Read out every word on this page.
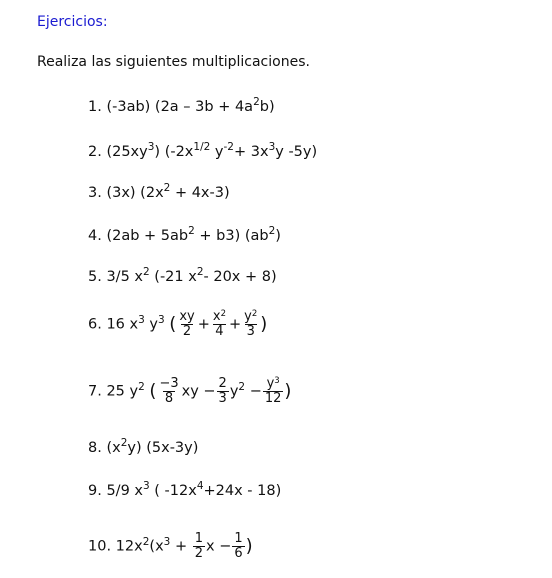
Ejercicios:
Realiza las siguientes multiplicaciones.
1. (-3ab) $(2a - 3b + 4a^2b)$
2. $(25xy^3)$ ($-2x^{1/2}$ $y^{-2}+ 3x^3y$ -5y)
3. (3x) $(2x^2 + 4x-3)$
4. $(2ab + 5ab^2 + b3)$ $(ab^2)$
5. 3/5 $x^2$ (-21 $x^2-$ 20x + 8)
6. 16 $x^3$ $y^3$ ( $\frac{xy}{2} + \frac{x^2}{4} + \frac{y^2}{3}$ )
7. 25 $y^2$ ( $\frac{-3}{8}$ xy − $\frac{2}{3} y^2 - \frac{y^3}{12}$ )
8. $(x^2y)$ (5x-3y)
9. 5/9 $x^3$ ( $-12x^4+24x - 18$)
10. $12x^2(x^3 + \frac{1}{2}$ $x - \frac{1}{6}$ )
